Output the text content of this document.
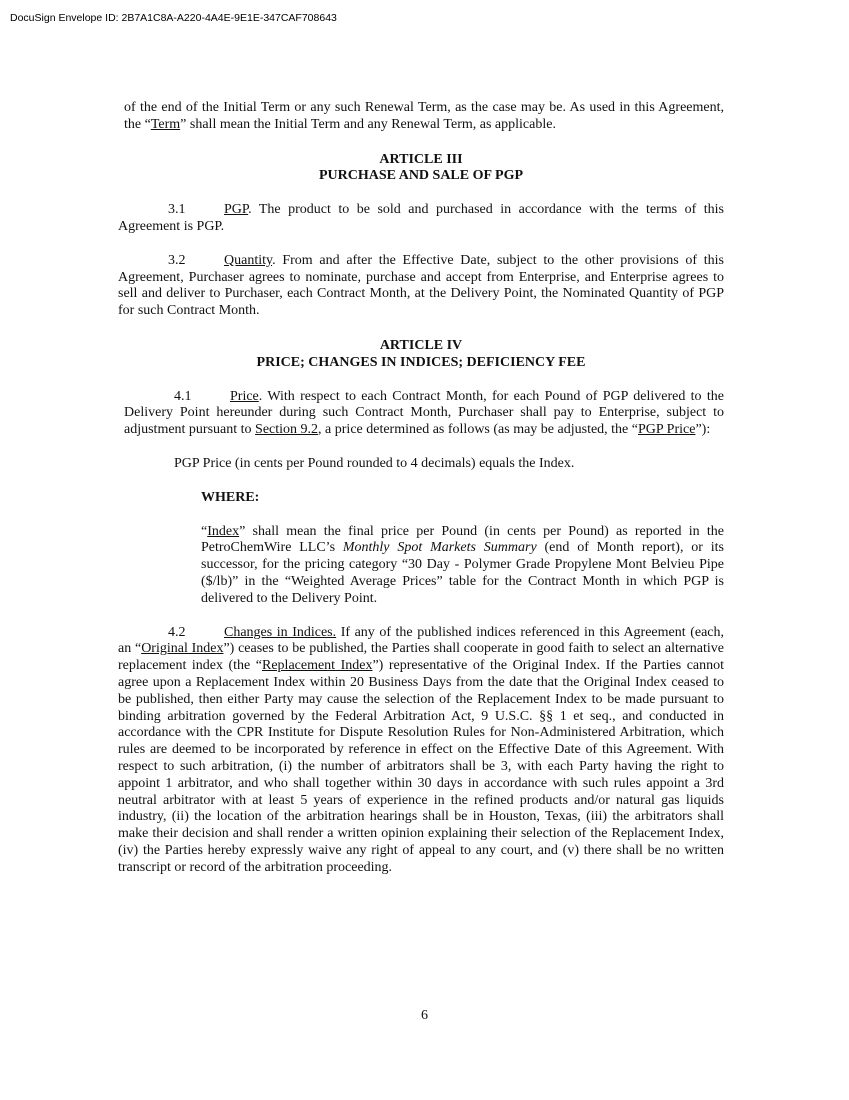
DocuSign Envelope ID: 2B7A1C8A-A220-4A4E-9E1E-347CAF708643

of the end of the Initial Term or any such Renewal Term, as the case may be. As used in this Agreement, the “Term” shall mean the Initial Term and any Renewal Term, as applicable.

ARTICLE III
PURCHASE AND SALE OF PGP

3.1	PGP. The product to be sold and purchased in accordance with the terms of this Agreement is PGP.

3.2	Quantity. From and after the Effective Date, subject to the other provisions of this Agreement, Purchaser agrees to nominate, purchase and accept from Enterprise, and Enterprise agrees to sell and deliver to Purchaser, each Contract Month, at the Delivery Point, the Nominated Quantity of PGP for such Contract Month.

ARTICLE IV
PRICE; CHANGES IN INDICES; DEFICIENCY FEE

4.1	Price. With respect to each Contract Month, for each Pound of PGP delivered to the Delivery Point hereunder during such Contract Month, Purchaser shall pay to Enterprise, subject to adjustment pursuant to Section 9.2, a price determined as follows (as may be adjusted, the “PGP Price”):

PGP Price (in cents per Pound rounded to 4 decimals) equals the Index.

WHERE:

“Index” shall mean the final price per Pound (in cents per Pound) as reported in the PetroChemWire LLC’s Monthly Spot Markets Summary (end of Month report), or its successor, for the pricing category “30 Day - Polymer Grade Propylene Mont Belvieu Pipe ($/lb)” in the “Weighted Average Prices” table for the Contract Month in which PGP is delivered to the Delivery Point.

4.2	Changes in Indices. If any of the published indices referenced in this Agreement (each, an “Original Index”) ceases to be published, the Parties shall cooperate in good faith to select an alternative replacement index (the “Replacement Index”) representative of the Original Index. If the Parties cannot agree upon a Replacement Index within 20 Business Days from the date that the Original Index ceased to be published, then either Party may cause the selection of the Replacement Index to be made pursuant to binding arbitration governed by the Federal Arbitration Act, 9 U.S.C. §§ 1 et seq., and conducted in accordance with the CPR Institute for Dispute Resolution Rules for Non-Administered Arbitration, which rules are deemed to be incorporated by reference in effect on the Effective Date of this Agreement. With respect to such arbitration, (i) the number of arbitrators shall be 3, with each Party having the right to appoint 1 arbitrator, and who shall together within 30 days in accordance with such rules appoint a 3rd neutral arbitrator with at least 5 years of experience in the refined products and/or natural gas liquids industry, (ii) the location of the arbitration hearings shall be in Houston, Texas, (iii) the arbitrators shall make their decision and shall render a written opinion explaining their selection of the Replacement Index, (iv) the Parties hereby expressly waive any right of appeal to any court, and (v) there shall be no written transcript or record of the arbitration proceeding.

6
